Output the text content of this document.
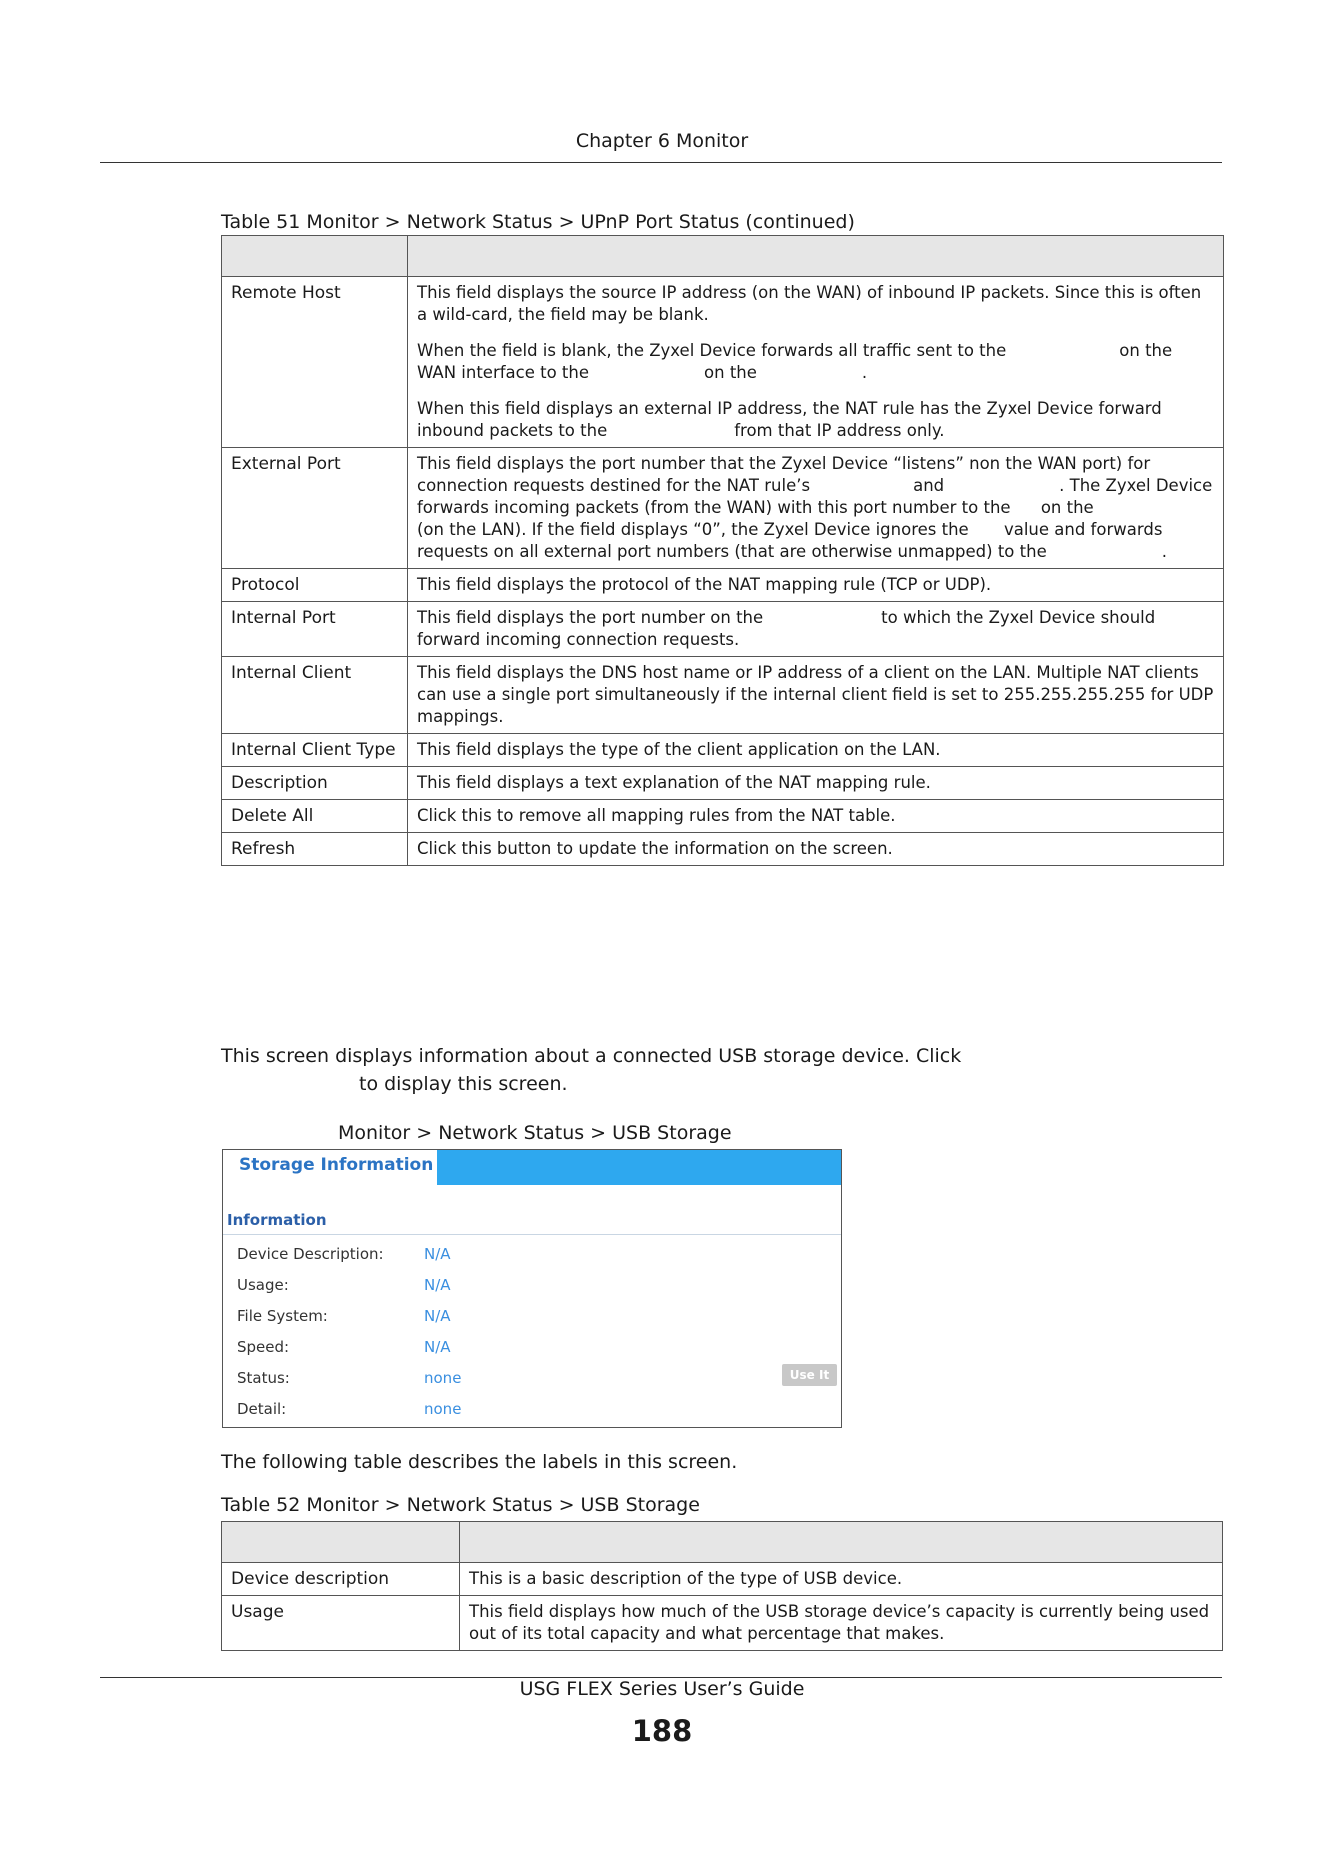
Chapter 6 Monitor
Table 51 Monitor > Network Status > UPnP Port Status (continued)

Remote Host	This field displays the source IP address (on the WAN) of inbound IP packets. Since this is often a wild-card, the field may be blank.

When the field is blank, the Zyxel Device forwards all traffic sent to the on the WAN interface to the on the .

When this field displays an external IP address, the NAT rule has the Zyxel Device forward inbound packets to the from that IP address only.

External Port	This field displays the port number that the Zyxel Device “listens” non the WAN port) for connection requests destined for the NAT rule’s and . The Zyxel Device forwards incoming packets (from the WAN) with this port number to the on the(on the LAN). If the field displays “0”, the Zyxel Device ignores the value and forwards requests on all external port numbers (that are otherwise unmapped) to the .
Protocol	This field displays the protocol of the NAT mapping rule (TCP or UDP).
Internal Port	This field displays the port number on the to which the Zyxel Device should forward incoming connection requests.
Internal Client	This field displays the DNS host name or IP address of a client on the LAN. Multiple NAT clients can use a single port simultaneously if the internal client field is set to 255.255.255.255 for UDP mappings.
Internal Client Type	This field displays the type of the client application on the LAN.
Description	This field displays a text explanation of the NAT mapping rule.
Delete All	Click this to remove all mapping rules from the NAT table.
Refresh	Click this button to update the information on the screen.
This screen displays information about a connected USB storage device. Click
to display this screen.
Monitor > Network Status > USB Storage
Storage Information
Information
Device Description:	N/A
Usage:	N/A
File System:	N/A
Speed:	N/A
Status:	none
Detail:	none
Use It
The following table describes the labels in this screen.
Table 52 Monitor > Network Status > USB Storage

Device description	This is a basic description of the type of USB device.
Usage	This field displays how much of the USB storage device’s capacity is currently being used out of its total capacity and what percentage that makes.
USG FLEX Series User’s Guide
188
